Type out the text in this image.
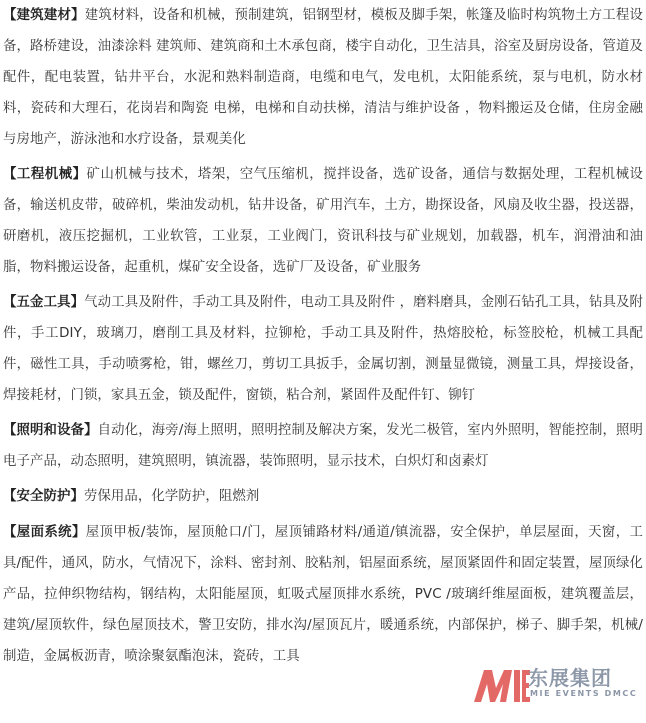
【建筑建材】建筑材料，设备和机械，预制建筑，铝钢型材，模板及脚手架，帐篷及临时构筑物土方工程设备，路桥建设，油漆涂料 建筑师、建筑商和土木承包商，楼宇自动化，卫生洁具，浴室及厨房设备，管道及配件，配电装置，钻井平台，水泥和熟料制造商，电缆和电气，发电机，太阳能系统，泵与电机，防水材料，瓷砖和大理石，花岗岩和陶瓷 电梯，电梯和自动扶梯，清洁与维护设备 ，物料搬运及仓储，住房金融与房地产，游泳池和水疗设备，景观美化

【工程机械】矿山机械与技术，塔架，空气压缩机，搅拌设备，选矿设备，通信与数据处理，工程机械设备，输送机皮带，破碎机，柴油发动机，钻井设备，矿用汽车，土方，勘探设备，风扇及收尘器，投送器，研磨机，液压挖掘机，工业软管，工业泵，工业阀门，资讯科技与矿业规划，加载器，机车，润滑油和油脂，物料搬运设备，起重机，煤矿安全设备，选矿厂及设备，矿业服务

【五金工具】气动工具及附件，手动工具及附件，电动工具及附件 ，磨料磨具，金刚石钻孔工具，钻具及附件，手工DIY，玻璃刀，磨削工具及材料，拉铆枪，手动工具及附件，热熔胶枪，标签胶枪，机械工具配件，磁性工具，手动喷雾枪，钳，螺丝刀，剪切工具扳手，金属切割，测量显微镜，测量工具，焊接设备，焊接耗材，门锁，家具五金，锁及配件，窗锁，粘合剂，紧固件及配件钉、铆钉

【照明和设备】自动化，海旁/海上照明，照明控制及解决方案，发光二极管，室内外照明，智能控制，照明电子产品，动态照明，建筑照明，镇流器，装饰照明，显示技术，白炽灯和卤素灯

【安全防护】劳保用品，化学防护，阻燃剂

【屋面系统】屋顶甲板/装饰，屋顶舱口/门，屋顶铺路材料/通道/镇流器，安全保护，单层屋面，天窗，工具/配件，通风，防水，气情况下，涂料、密封剂、胶粘剂，铝屋面系统，屋顶紧固件和固定装置，屋顶绿化产品，拉伸织物结构，钢结构，太阳能屋顶，虹吸式屋顶排水系统，PVC /玻璃纤维屋面板，建筑覆盖层，建筑/屋顶软件，绿色屋顶技术，警卫安防，排水沟/屋顶瓦片，暖通系统，内部保护，梯子、脚手架，机械/制造，金属板沥青，喷涂聚氨酯泡沫，瓷砖，工具

东展集团
MIE EVENTS DMCC
